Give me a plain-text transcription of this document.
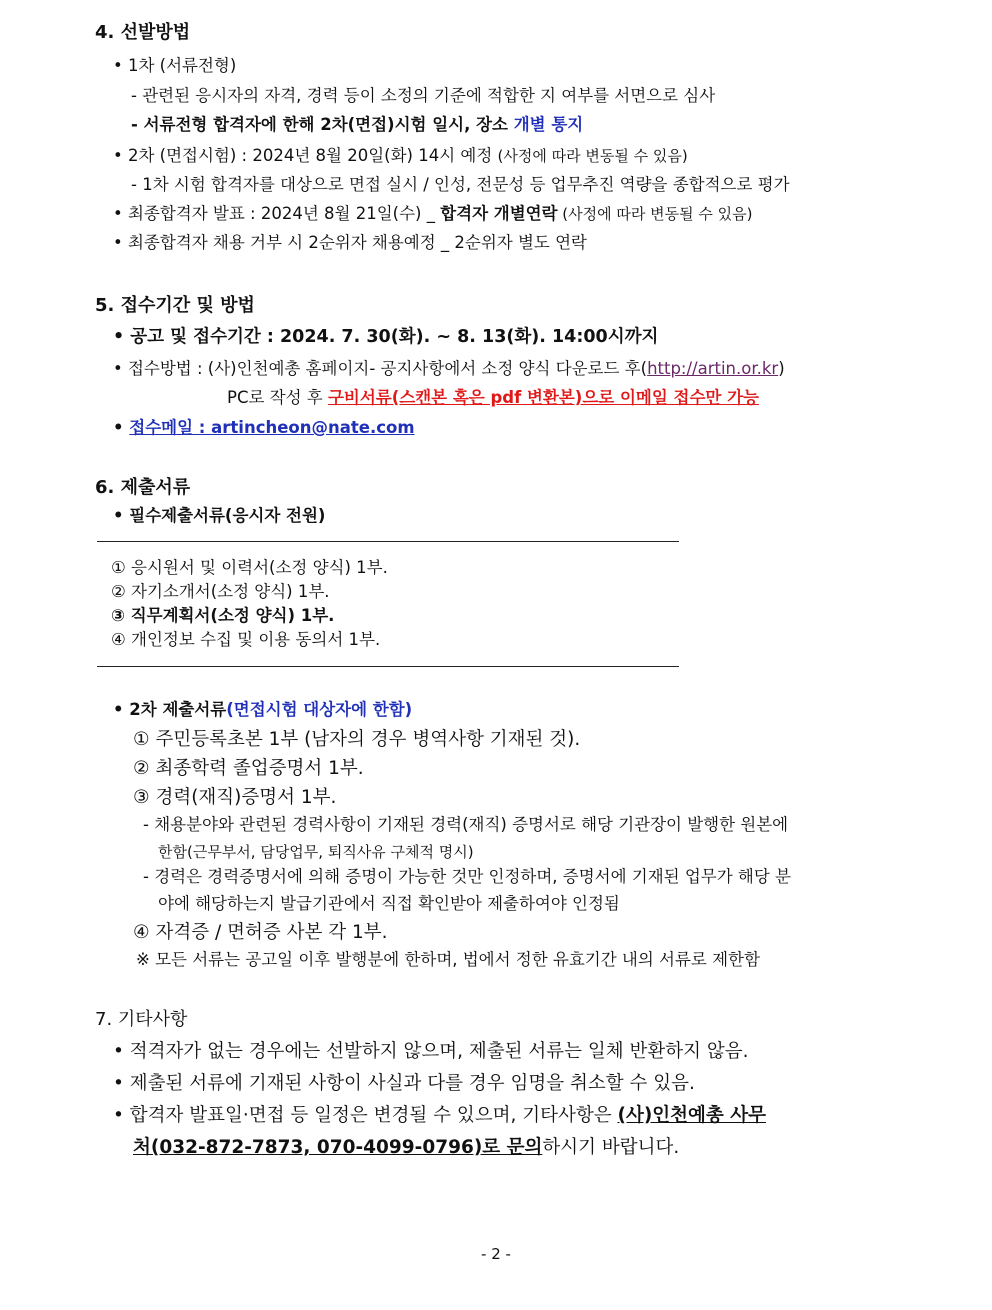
4. 선발방법
• 1차 (서류전형)
- 관련된 응시자의 자격, 경력 등이 소정의 기준에 적합한 지 여부를 서면으로 심사
- 서류전형 합격자에 한해 2차(면접)시험 일시, 장소 개별 통지
• 2차 (면접시험) : 2024년 8월 20일(화) 14시 예정 (사정에 따라 변동될 수 있음)
- 1차 시험 합격자를 대상으로 면접 실시 / 인성, 전문성 등 업무추진 역량을 종합적으로 평가
• 최종합격자 발표 : 2024년 8월 21일(수) _ 합격자 개별연락 (사정에 따라 변동될 수 있음)
• 최종합격자 채용 거부 시 2순위자 채용예정 _ 2순위자 별도 연락
5. 접수기간 및 방법
• 공고 및 접수기간 : 2024. 7. 30(화). ~ 8. 13(화). 14:00시까지
• 접수방법 : (사)인천예총 홈페이지- 공지사항에서 소정 양식 다운로드 후(http://artin.or.kr)
PC로 작성 후 구비서류(스캔본 혹은 pdf 변환본)으로 이메일 접수만 가능
• 접수메일 : artincheon@nate.com
6. 제출서류
• 필수제출서류(응시자 전원)
① 응시원서 및 이력서(소정 양식) 1부.
② 자기소개서(소정 양식) 1부.
③ 직무계획서(소정 양식) 1부.
④ 개인정보 수집 및 이용 동의서 1부.
• 2차 제출서류(면접시험 대상자에 한함)
① 주민등록초본 1부 (남자의 경우 병역사항 기재된 것).
② 최종학력 졸업증명서 1부.
③ 경력(재직)증명서 1부.
- 채용분야와 관련된 경력사항이 기재된 경력(재직) 증명서로 해당 기관장이 발행한 원본에
한함(근무부서, 담당업무, 퇴직사유 구체적 명시)
- 경력은 경력증명서에 의해 증명이 가능한 것만 인정하며, 증명서에 기재된 업무가 해당 분
야에 해당하는지 발급기관에서 직접 확인받아 제출하여야 인정됨
④ 자격증 / 면허증 사본 각 1부.
※ 모든 서류는 공고일 이후 발행분에 한하며, 법에서 정한 유효기간 내의 서류로 제한함
7. 기타사항
• 적격자가 없는 경우에는 선발하지 않으며, 제출된 서류는 일체 반환하지 않음.
• 제출된 서류에 기재된 사항이 사실과 다를 경우 임명을 취소할 수 있음.
• 합격자 발표일·면접 등 일정은 변경될 수 있으며, 기타사항은 (사)인천예총 사무
처(032-872-7873, 070-4099-0796)로 문의하시기 바랍니다.
- 2 -
